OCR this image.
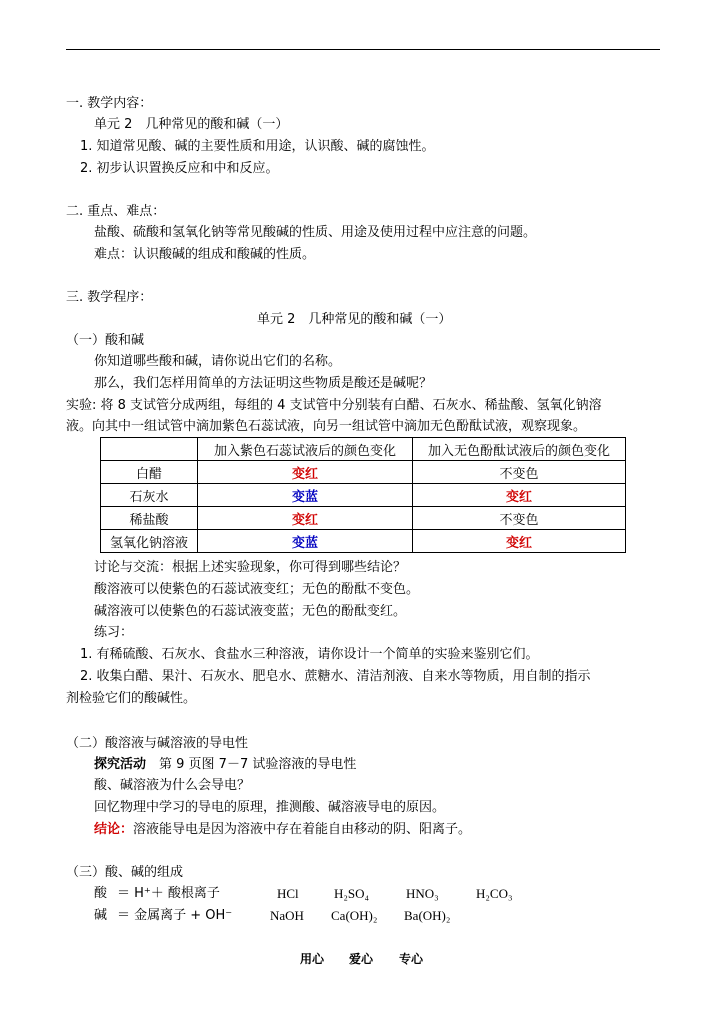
一. 教学内容：
单元 2　几种常见的酸和碱（一）
1. 知道常见酸、碱的主要性质和用途，认识酸、碱的腐蚀性。
2. 初步认识置换反应和中和反应。
二. 重点、难点：
盐酸、硫酸和氢氧化钠等常见酸碱的性质、用途及使用过程中应注意的问题。
难点：认识酸碱的组成和酸碱的性质。
三. 教学程序：
单元 2　几种常见的酸和碱（一）
（一）酸和碱
你知道哪些酸和碱，请你说出它们的名称。
那么，我们怎样用简单的方法证明这些物质是酸还是碱呢？
实验: 将 8 支试管分成两组，每组的 4 支试管中分别装有白醋、石灰水、稀盐酸、氢氧化钠溶
液。向其中一组试管中滴加紫色石蕊试液，向另一组试管中滴加无色酚酞试液，观察现象。
	加入紫色石蕊试液后的颜色变化	加入无色酚酞试液后的颜色变化
白醋	变红	不变色
石灰水	变蓝	变红
稀盐酸	变红	不变色
氢氧化钠溶液	变蓝	变红
讨论与交流：根据上述实验现象，你可得到哪些结论？
酸溶液可以使紫色的石蕊试液变红；无色的酚酞不变色。
碱溶液可以使紫色的石蕊试液变蓝；无色的酚酞变红。
练习：
1. 有稀硫酸、石灰水、食盐水三种溶液，请你设计一个简单的实验来鉴别它们。
2. 收集白醋、果汁、石灰水、肥皂水、蔗糖水、清洁剂液、自来水等物质，用自制的指示
剂检验它们的酸碱性。
（二）酸溶液与碱溶液的导电性
探究活动　第 9 页图 7－7 试验溶液的导电性
酸、碱溶液为什么会导电？
回忆物理中学习的导电的原理，推测酸、碱溶液导电的原因。
结论：溶液能导电是因为溶液中存在着能自由移动的阴、阳离子。
（三）酸、碱的组成
酸 ＝ H⁺＋ 酸根离子	HCl	H₂SO₄	HNO₃	H₂CO₃
碱 ＝ 金属离子 + OH⁻	NaOH Ca(OH)₂ Ba(OH)₂
用心 爱心 专心
